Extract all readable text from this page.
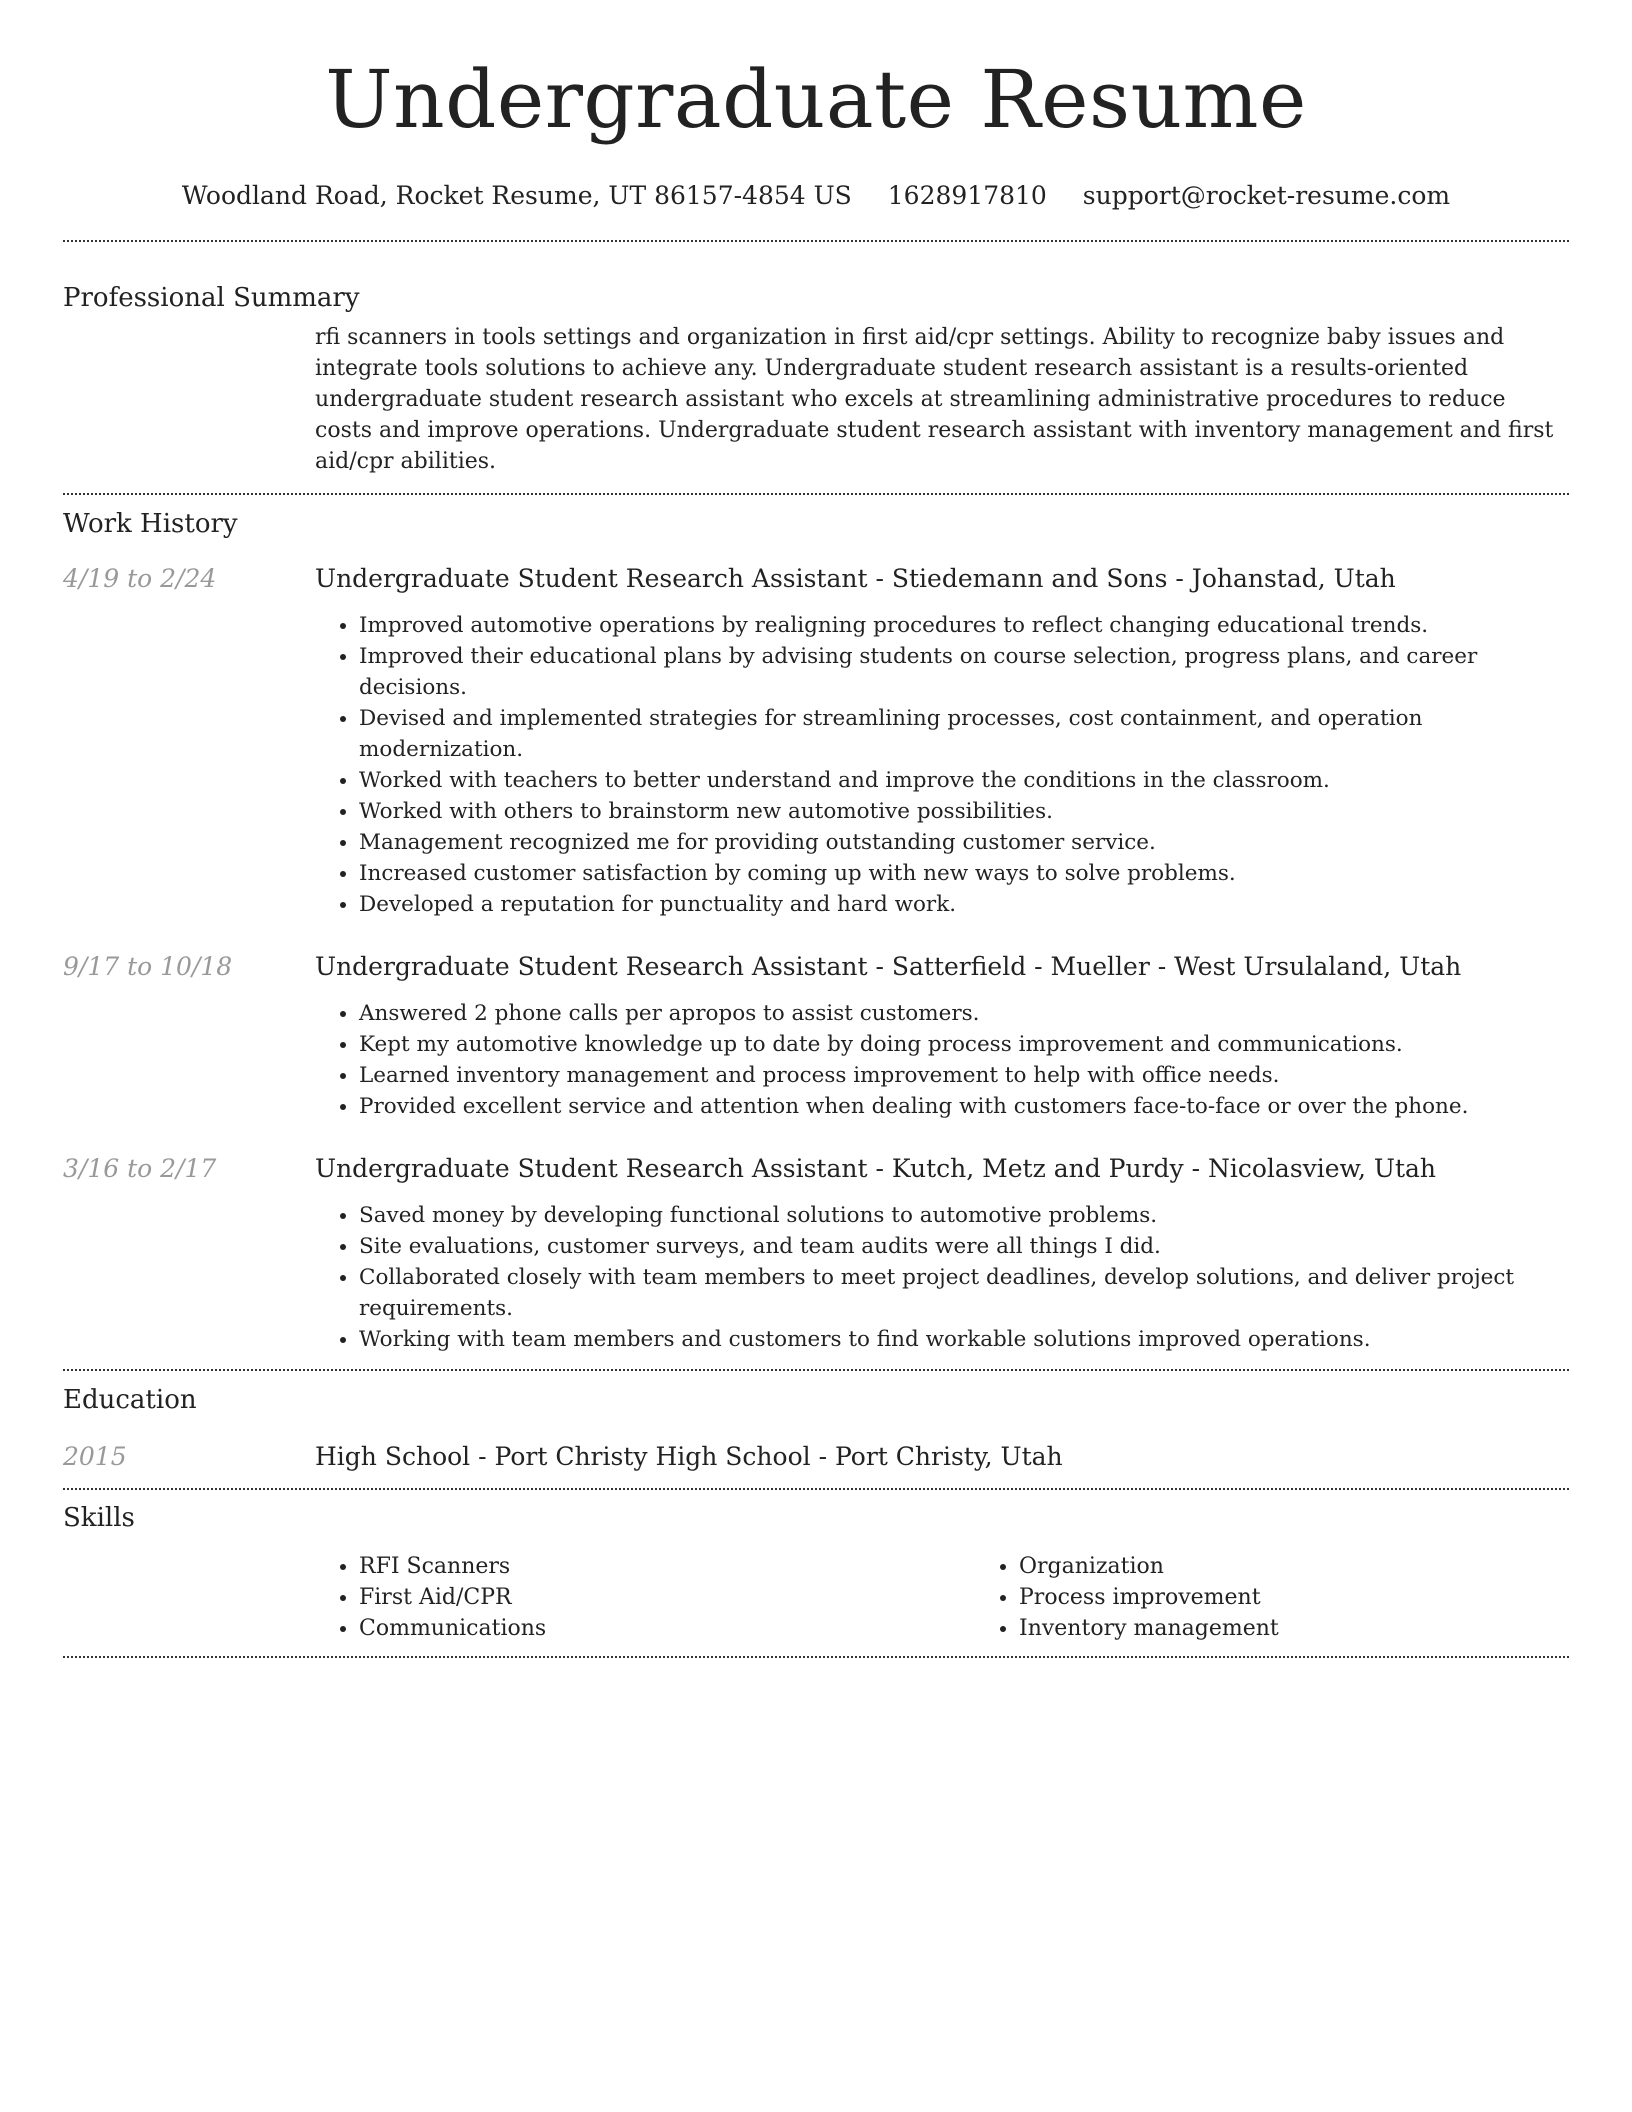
Undergraduate Resume
Woodland Road, Rocket Resume, UT 86157-4854 US 1628917810 support@rocket-resume.com
Professional Summary
rfi scanners in tools settings and organization in first aid/cpr settings. Ability to recognize baby issues and integrate tools solutions to achieve any. Undergraduate student research assistant is a results-oriented undergraduate student research assistant who excels at streamlining administrative procedures to reduce costs and improve operations. Undergraduate student research assistant with inventory management and first aid/cpr abilities.
Work History
4/19 to 2/24	Undergraduate Student Research Assistant - Stiedemann and Sons - Johanstad, Utah
• Improved automotive operations by realigning procedures to reflect changing educational trends.
• Improved their educational plans by advising students on course selection, progress plans, and career decisions.
• Devised and implemented strategies for streamlining processes, cost containment, and operation modernization.
• Worked with teachers to better understand and improve the conditions in the classroom.
• Worked with others to brainstorm new automotive possibilities.
• Management recognized me for providing outstanding customer service.
• Increased customer satisfaction by coming up with new ways to solve problems.
• Developed a reputation for punctuality and hard work.
9/17 to 10/18	Undergraduate Student Research Assistant - Satterfield - Mueller - West Ursulaland, Utah
• Answered 2 phone calls per apropos to assist customers.
• Kept my automotive knowledge up to date by doing process improvement and communications.
• Learned inventory management and process improvement to help with office needs.
• Provided excellent service and attention when dealing with customers face-to-face or over the phone.
3/16 to 2/17	Undergraduate Student Research Assistant - Kutch, Metz and Purdy - Nicolasview, Utah
• Saved money by developing functional solutions to automotive problems.
• Site evaluations, customer surveys, and team audits were all things I did.
• Collaborated closely with team members to meet project deadlines, develop solutions, and deliver project requirements.
• Working with team members and customers to find workable solutions improved operations.
Education
2015	High School - Port Christy High School - Port Christy, Utah
Skills
• RFI Scanners
• First Aid/CPR
• Communications
• Organization
• Process improvement
• Inventory management
